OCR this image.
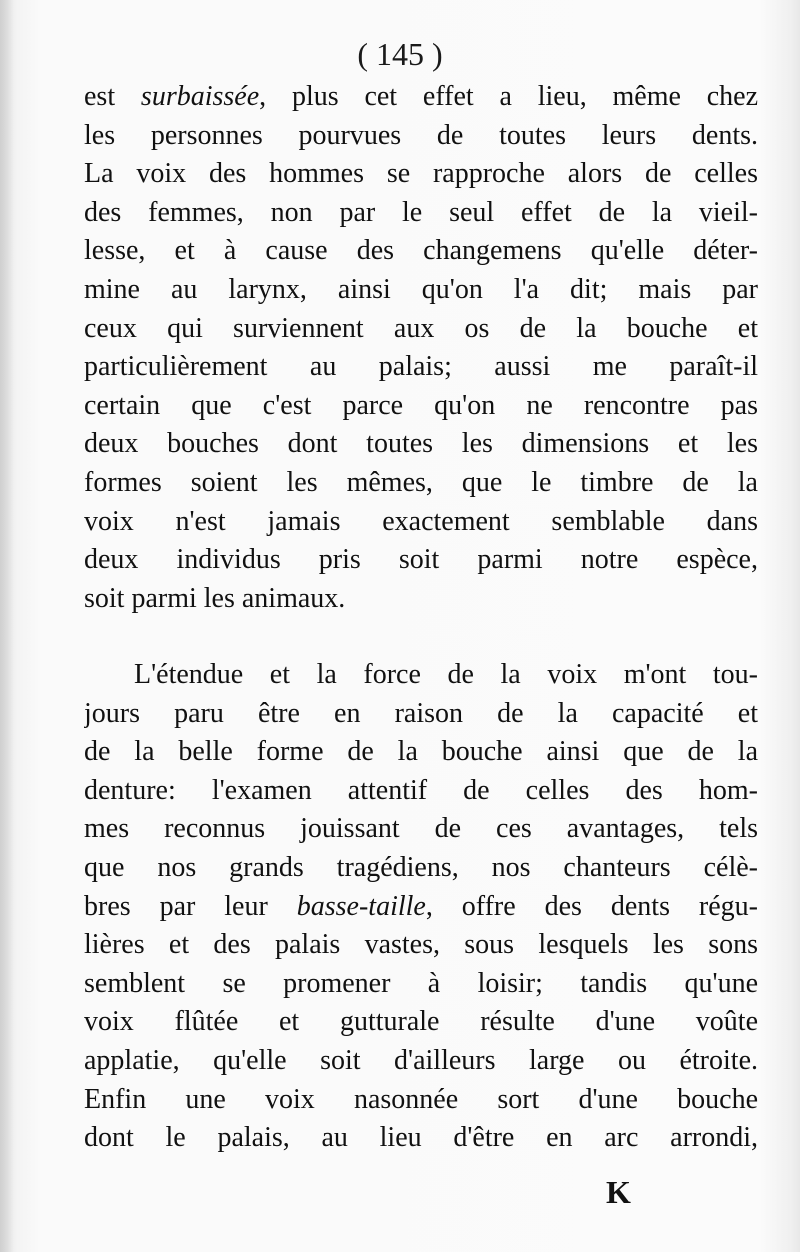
( 145 )
est surbaissée, plus cet effet a lieu, même chez
les personnes pourvues de toutes leurs dents.
La voix des hommes se rapproche alors de celles
des femmes, non par le seul effet de la vieil-
lesse, et à cause des changemens qu'elle déter-
mine au larynx, ainsi qu'on l'a dit; mais par
ceux qui surviennent aux os de la bouche et
particulièrement au palais; aussi me paraît-il
certain que c'est parce qu'on ne rencontre pas
deux bouches dont toutes les dimensions et les
formes soient les mêmes, que le timbre de la
voix n'est jamais exactement semblable dans
deux individus pris soit parmi notre espèce,
soit parmi les animaux.
L'étendue et la force de la voix m'ont tou-
jours paru être en raison de la capacité et
de la belle forme de la bouche ainsi que de la
denture: l'examen attentif de celles des hom-
mes reconnus jouissant de ces avantages, tels
que nos grands tragédiens, nos chanteurs célè-
bres par leur basse-taille, offre des dents régu-
lières et des palais vastes, sous lesquels les sons
semblent se promener à loisir; tandis qu'une
voix flûtée et gutturale résulte d'une voûte
applatie, qu'elle soit d'ailleurs large ou étroite.
Enfin une voix nasonnée sort d'une bouche
dont le palais, au lieu d'être en arc arrondi,
K
